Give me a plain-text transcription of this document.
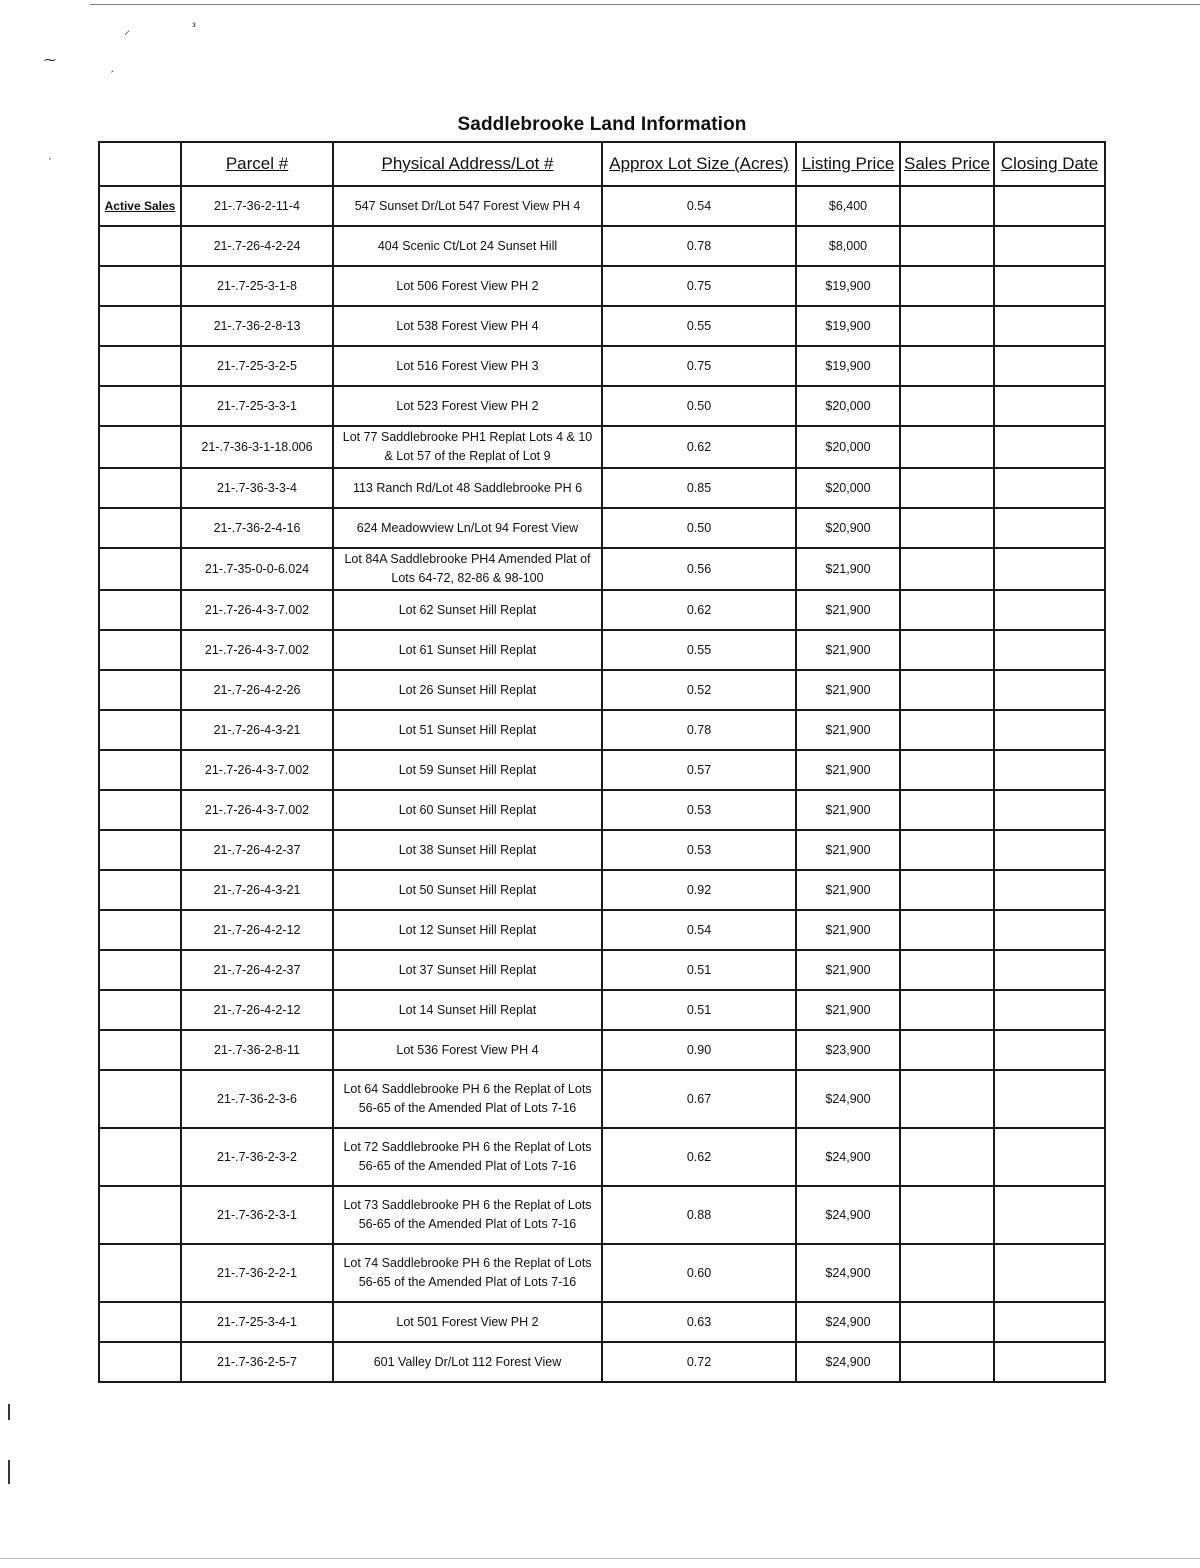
⸝	ᵌ
⁓	ˏ
·
Saddlebrooke Land Information
	Parcel #	Physical Address/Lot #	Approx Lot Size (Acres)	Listing Price	Sales Price	Closing Date
Active Sales	21-.7-36-2-11-4	547 Sunset Dr/Lot 547 Forest View PH 4	0.54	$6,400		
	21-.7-26-4-2-24	404 Scenic Ct/Lot 24 Sunset Hill	0.78	$8,000		
	21-.7-25-3-1-8	Lot 506 Forest View PH 2	0.75	$19,900		
	21-.7-36-2-8-13	Lot 538 Forest View PH 4	0.55	$19,900		
	21-.7-25-3-2-5	Lot 516 Forest View PH 3	0.75	$19,900		
	21-.7-25-3-3-1	Lot 523 Forest View PH 2	0.50	$20,000		
	21-.7-36-3-1-18.006	Lot 77 Saddlebrooke PH1 Replat Lots 4 & 10 & Lot 57 of the Replat of Lot 9	0.62	$20,000		
	21-.7-36-3-3-4	113 Ranch Rd/Lot 48 Saddlebrooke PH 6	0.85	$20,000		
	21-.7-36-2-4-16	624 Meadowview Ln/Lot 94 Forest View	0.50	$20,900		
	21-.7-35-0-0-6.024	Lot 84A Saddlebrooke PH4 Amended Plat of Lots 64-72, 82-86 & 98-100	0.56	$21,900		
	21-.7-26-4-3-7.002	Lot 62 Sunset Hill Replat	0.62	$21,900		
	21-.7-26-4-3-7.002	Lot 61 Sunset Hill Replat	0.55	$21,900		
	21-.7-26-4-2-26	Lot 26 Sunset Hill Replat	0.52	$21,900		
	21-.7-26-4-3-21	Lot 51 Sunset Hill Replat	0.78	$21,900		
	21-.7-26-4-3-7.002	Lot 59 Sunset Hill Replat	0.57	$21,900		
	21-.7-26-4-3-7.002	Lot 60 Sunset Hill Replat	0.53	$21,900		
	21-.7-26-4-2-37	Lot 38 Sunset Hill Replat	0.53	$21,900		
	21-.7-26-4-3-21	Lot 50 Sunset Hill Replat	0.92	$21,900		
	21-.7-26-4-2-12	Lot 12 Sunset Hill Replat	0.54	$21,900		
	21-.7-26-4-2-37	Lot 37 Sunset Hill Replat	0.51	$21,900		
	21-.7-26-4-2-12	Lot 14 Sunset Hill Replat	0.51	$21,900		
	21-.7-36-2-8-11	Lot 536 Forest View PH 4	0.90	$23,900		
	21-.7-36-2-3-6	Lot 64 Saddlebrooke PH 6 the Replat of Lots 56-65 of the Amended Plat of Lots 7-16	0.67	$24,900		
	21-.7-36-2-3-2	Lot 72 Saddlebrooke PH 6 the Replat of Lots 56-65 of the Amended Plat of Lots 7-16	0.62	$24,900		
	21-.7-36-2-3-1	Lot 73 Saddlebrooke PH 6 the Replat of Lots 56-65 of the Amended Plat of Lots 7-16	0.88	$24,900		
	21-.7-36-2-2-1	Lot 74 Saddlebrooke PH 6 the Replat of Lots 56-65 of the Amended Plat of Lots 7-16	0.60	$24,900		
	21-.7-25-3-4-1	Lot 501 Forest View PH 2	0.63	$24,900		
	21-.7-36-2-5-7	601 Valley Dr/Lot 112 Forest View	0.72	$24,900		
